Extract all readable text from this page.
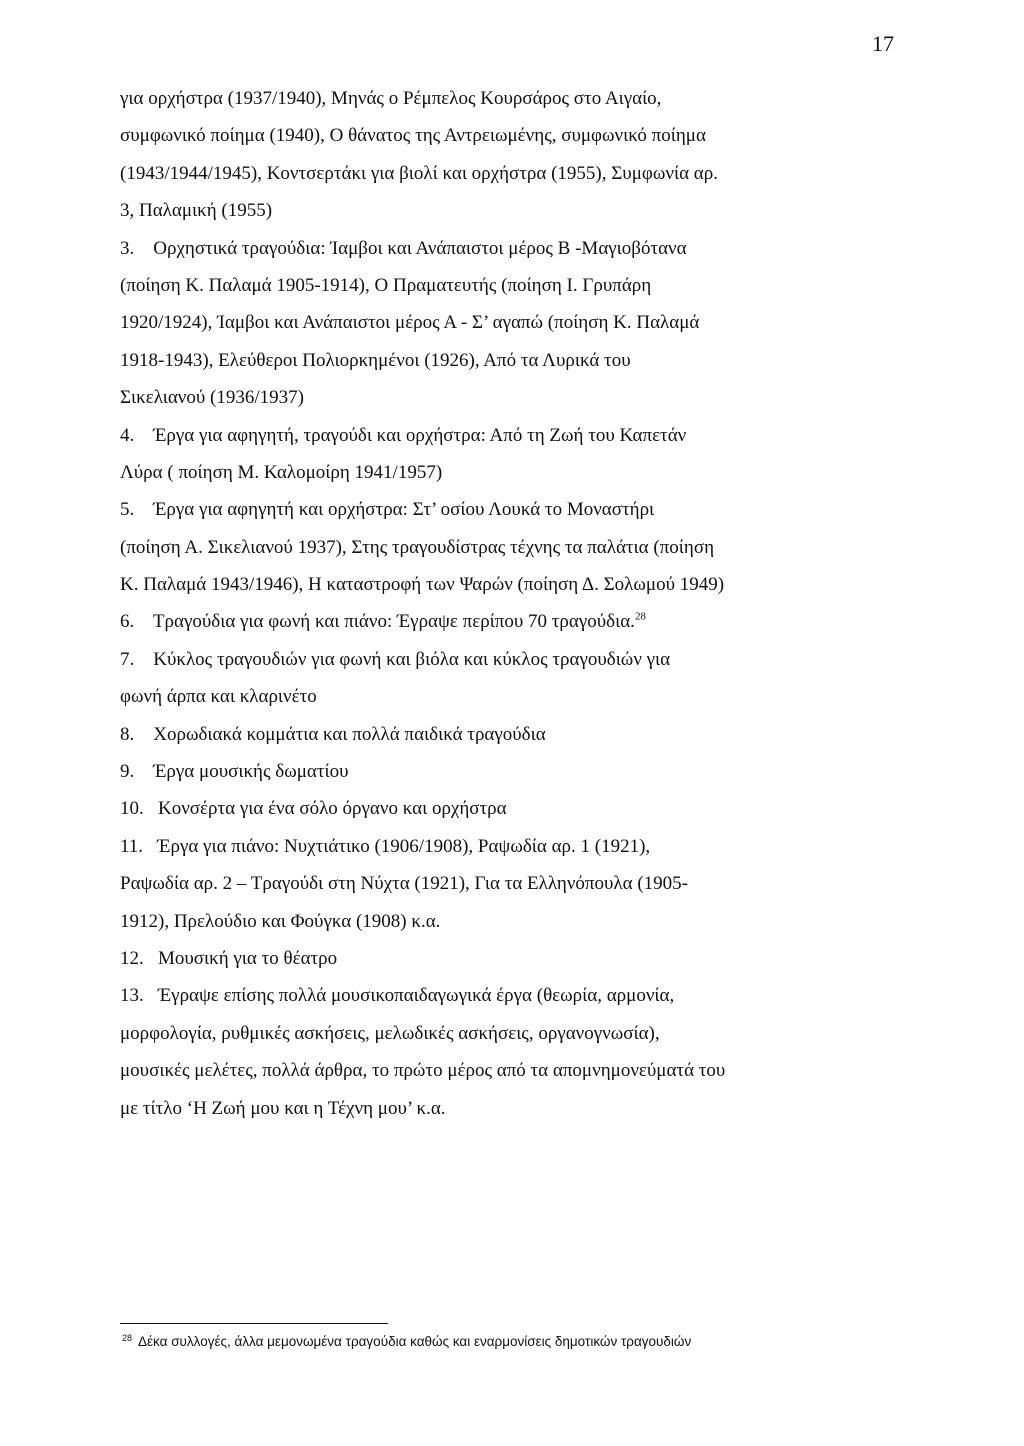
17
για ορχήστρα (1937/1940), Μηνάς ο Ρέμπελος Κουρσάρος στο Αιγαίο,
συμφωνικό ποίημα (1940), Ο θάνατος της Αντρειωμένης, συμφωνικό ποίημα
(1943/1944/1945), Κοντσερτάκι για βιολί και ορχήστρα (1955), Συμφωνία αρ.
3, Παλαμική (1955)
3.    Ορχηστικά τραγούδια: Ίαμβοι και Ανάπαιστοι μέρος Β -Μαγιοβότανα
(ποίηση Κ. Παλαμά 1905-1914), Ο Πραματευτής (ποίηση Ι. Γρυπάρη
1920/1924), Ίαμβοι και Ανάπαιστοι μέρος Α - Σ’ αγαπώ (ποίηση Κ. Παλαμά
1918-1943), Ελεύθεροι Πολιορκημένοι (1926), Από τα Λυρικά του
Σικελιανού (1936/1937)
4.    Έργα για αφηγητή, τραγούδι και ορχήστρα: Από τη Ζωή του Καπετάν
Λύρα ( ποίηση Μ. Καλομοίρη 1941/1957)
5.    Έργα για αφηγητή και ορχήστρα: Στ’ οσίου Λουκά το Μοναστήρι
(ποίηση Α. Σικελιανού 1937), Στης τραγουδίστρας τέχνης τα παλάτια (ποίηση
Κ. Παλαμά 1943/1946), Η καταστροφή των Ψαρών (ποίηση Δ. Σολωμού 1949)
6.    Τραγούδια για φωνή και πιάνο: Έγραψε περίπου 70 τραγούδια.$^{28}$
7.    Κύκλος τραγουδιών για φωνή και βιόλα και κύκλος τραγουδιών για
φωνή άρπα και κλαρινέτο
8.    Χορωδιακά κομμάτια και πολλά παιδικά τραγούδια
9.    Έργα μουσικής δωματίου
10.   Κονσέρτα για ένα σόλο όργανο και ορχήστρα
11.   Έργα για πιάνο: Νυχτιάτικο (1906/1908), Ραψωδία αρ. 1 (1921),
Ραψωδία αρ. 2 – Τραγούδι στη Νύχτα (1921), Για τα Ελληνόπουλα (1905-
1912), Πρελούδιο και Φούγκα (1908) κ.α.
12.   Μουσική για το θέατρο
13.   Έγραψε επίσης πολλά μουσικοπαιδαγωγικά έργα (θεωρία, αρμονία,
μορφολογία, ρυθμικές ασκήσεις, μελωδικές ασκήσεις, οργανογνωσία),
μουσικές μελέτες, πολλά άρθρα, το πρώτο μέρος από τα απομνημονεύματά του
με τίτλο ‘Η Ζωή μου και η Τέχνη μου’ κ.α.
$^{28}$ Δέκα συλλογές, άλλα μεμονωμένα τραγούδια καθώς και εναρμονίσεις δημοτικών τραγουδιών
